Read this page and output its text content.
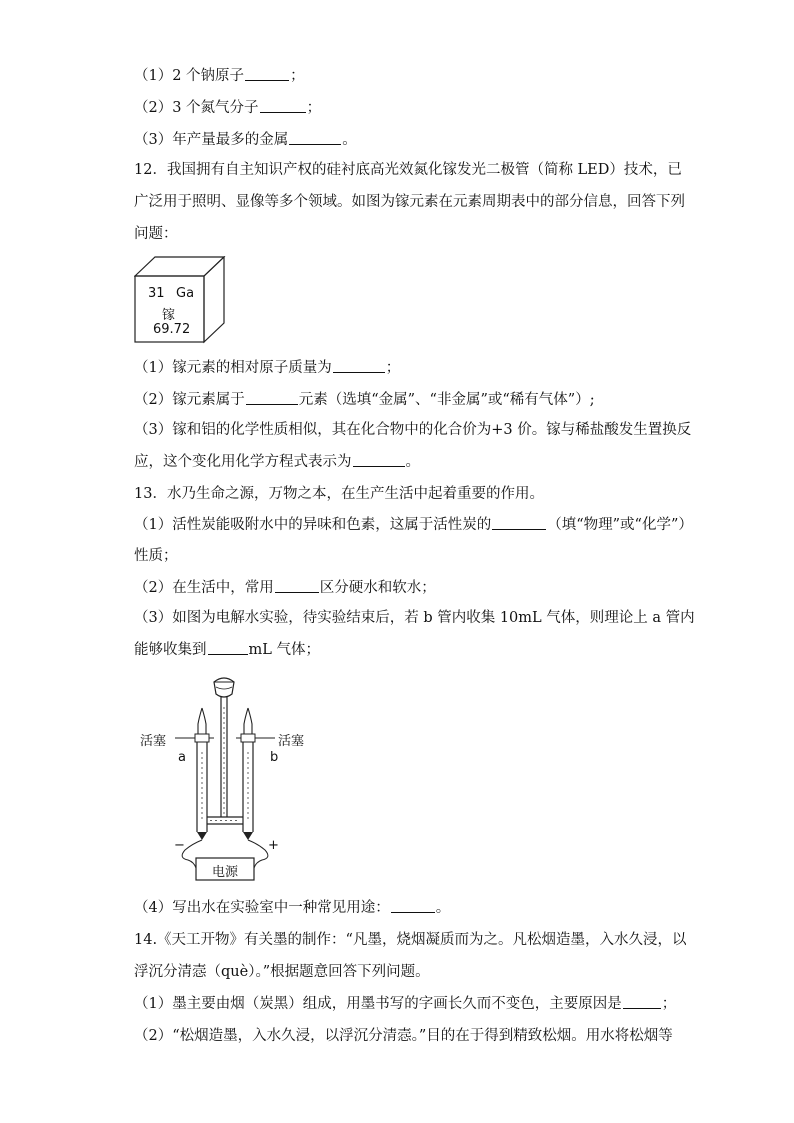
（1）2 个钠原子	；
（2）3 个氮气分子	；
（3）年产量最多的金属	。
12．我国拥有自主知识产权的硅衬底高光效氮化镓发光二极管（简称 LED）技术，已
广泛用于照明、显像等多个领域。如图为镓元素在元素周期表中的部分信息，回答下列
问题：
31 Ga
镓
69.72
（1）镓元素的相对原子质量为	；
（2）镓元素属于	元素（选填“金属”、“非金属”或“稀有气体”）;
（3）镓和铝的化学性质相似，其在化合物中的化合价为+3 价。镓与稀盐酸发生置换反
应，这个变化用化学方程式表示为	。
13．水乃生命之源，万物之本，在生产生活中起着重要的作用。
（1）活性炭能吸附水中的异味和色素，这属于活性炭的	（填“物理”或“化学”）
性质；
（2）在生活中，常用	区分硬水和软水；
（3）如图为电解水实验，待实验结束后，若 b 管内收集 10mL 气体，则理论上 a 管内
能够收集到	mL 气体；
活塞	活塞
a	b
−	+
电源
（4）写出水在实验室中一种常见用途：	。
14.《天工开物》有关墨的制作：“凡墨，烧烟凝质而为之。凡松烟造墨，入水久浸，以
浮沉分清悫（què）。”根据题意回答下列问题。
（1）墨主要由烟（炭黑）组成，用墨书写的字画长久而不变色，主要原因是	；
（2）“松烟造墨，入水久浸，以浮沉分清悫。”目的在于得到精致松烟。用水将松烟等
